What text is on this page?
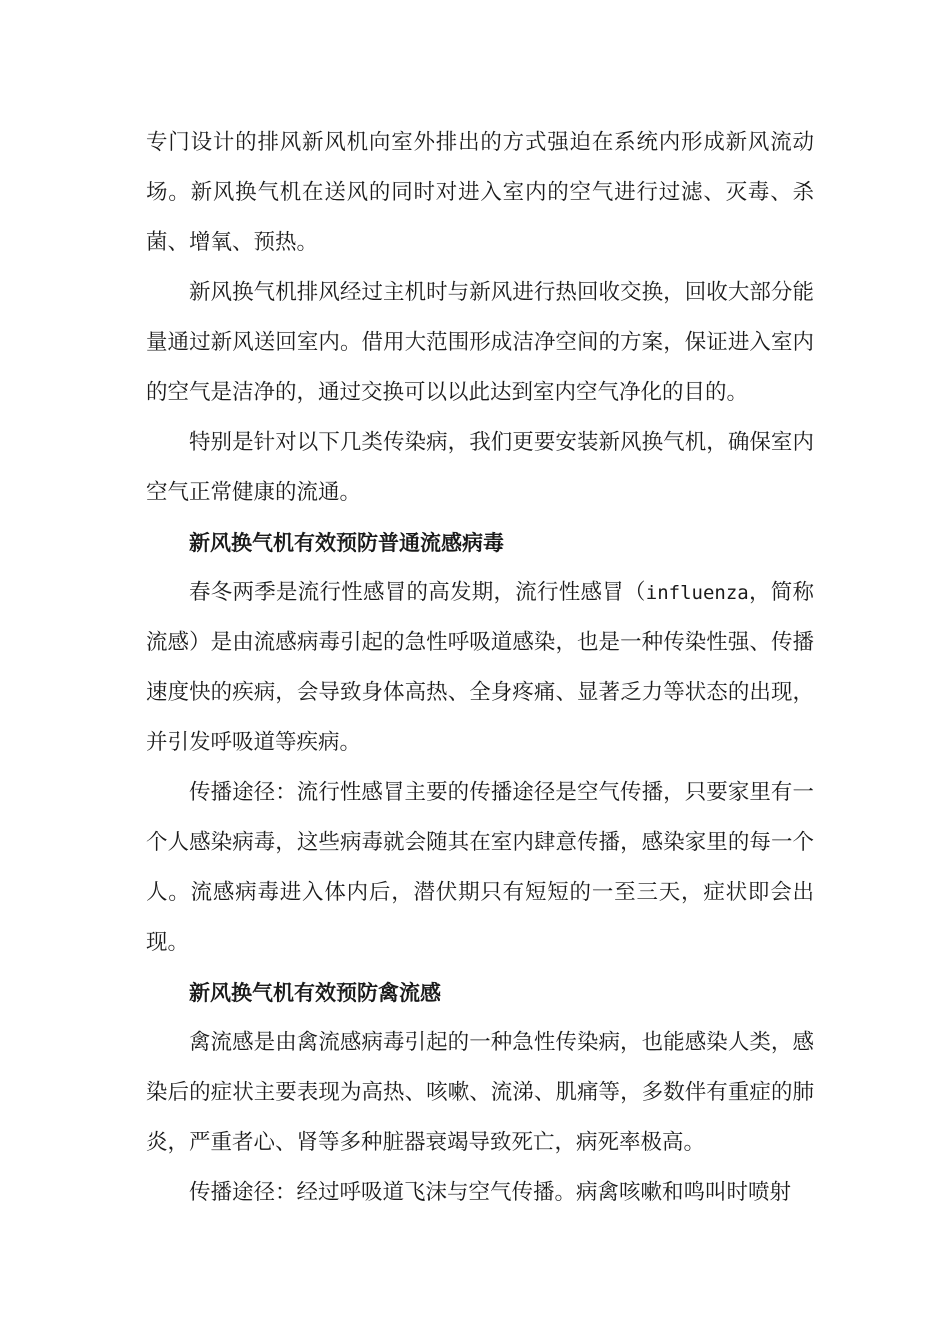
专门设计的排风新风机向室外排出的方式强迫在系统内形成新风流动场。新风换气机在送风的同时对进入室内的空气进行过滤、灭毒、杀菌、增氧、预热。

新风换气机排风经过主机时与新风进行热回收交换，回收大部分能量通过新风送回室内。借用大范围形成洁净空间的方案，保证进入室内的空气是洁净的，通过交换可以以此达到室内空气净化的目的。

特别是针对以下几类传染病，我们更要安装新风换气机，确保室内空气正常健康的流通。

新风换气机有效预防普通流感病毒

春冬两季是流行性感冒的高发期，流行性感冒（influenza，简称流感）是由流感病毒引起的急性呼吸道感染，也是一种传染性强、传播速度快的疾病，会导致身体高热、全身疼痛、显著乏力等状态的出现，并引发呼吸道等疾病。

传播途径：流行性感冒主要的传播途径是空气传播，只要家里有一个人感染病毒，这些病毒就会随其在室内肆意传播，感染家里的每一个人。流感病毒进入体内后，潜伏期只有短短的一至三天，症状即会出现。

新风换气机有效预防禽流感

禽流感是由禽流感病毒引起的一种急性传染病，也能感染人类，感染后的症状主要表现为高热、咳嗽、流涕、肌痛等，多数伴有重症的肺炎，严重者心、肾等多种脏器衰竭导致死亡，病死率极高。

传播途径：经过呼吸道飞沫与空气传播。病禽咳嗽和鸣叫时喷射
